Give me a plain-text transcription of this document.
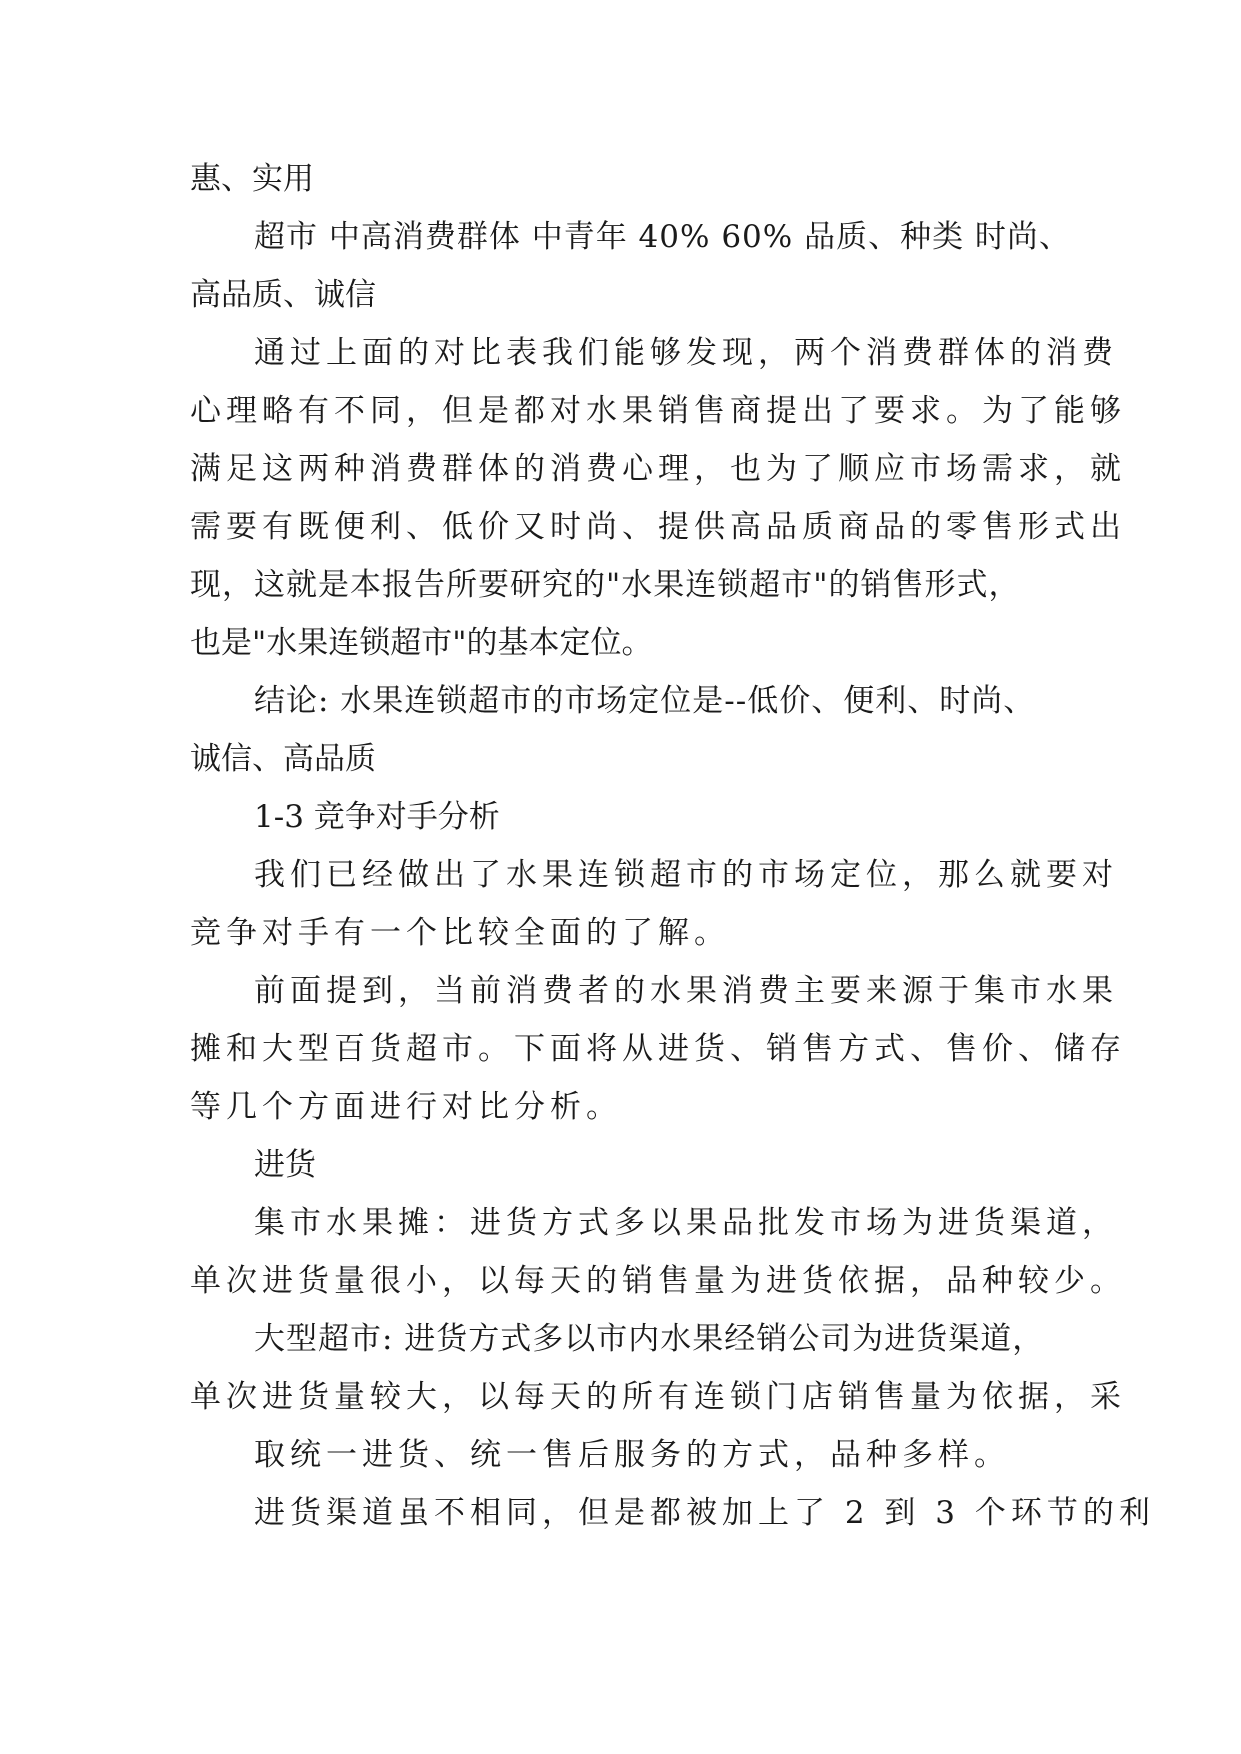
惠、实用
超市 中高消费群体 中青年 40% 60% 品质、种类 时尚、
高品质、诚信
通过上面的对比表我们能够发现，两个消费群体的消费
心理略有不同，但是都对水果销售商提出了要求。为了能够
满足这两种消费群体的消费心理，也为了顺应市场需求，就
需要有既便利、低价又时尚、提供高品质商品的零售形式出
现，这就是本报告所要研究的"水果连锁超市"的销售形式，
也是"水果连锁超市"的基本定位。
结论: 水果连锁超市的市场定位是--低价、便利、时尚、
诚信、高品质
1-3 竞争对手分析
我们已经做出了水果连锁超市的市场定位，那么就要对
竞争对手有一个比较全面的了解。
前面提到，当前消费者的水果消费主要来源于集市水果
摊和大型百货超市。下面将从进货、销售方式、售价、储存
等几个方面进行对比分析。
进货
集市水果摊：进货方式多以果品批发市场为进货渠道，
单次进货量很小，以每天的销售量为进货依据，品种较少。
大型超市: 进货方式多以市内水果经销公司为进货渠道，
单次进货量较大，以每天的所有连锁门店销售量为依据，采
取统一进货、统一售后服务的方式，品种多样。
进货渠道虽不相同，但是都被加上了 2 到 3 个环节的利
